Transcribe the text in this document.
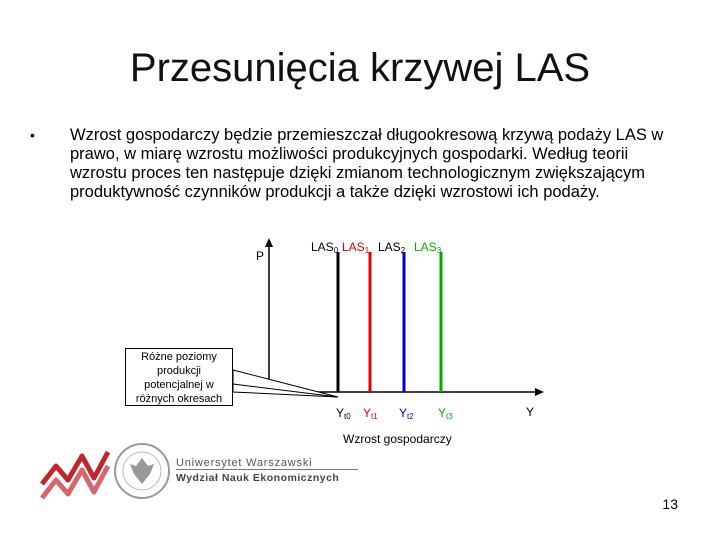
Przesunięcia krzywej LAS
• Wzrost gospodarczy będzie przemieszczał długookresową krzywą podaży LAS w prawo, w miarę wzrostu możliwości produkcyjnych gospodarki. Według teorii wzrostu proces ten następuje dzięki zmianom technologicznym zwiększającym produktywność czynników produkcji a także dzięki wzrostowi ich podaży.
Różne poziomy
produkcji
potencjalnej w
różnych okresach
P
Y
Wzrost gospodarczy
$LAS_0$ $LAS_1$ $LAS_2$ $LAS_3$
$Y_{t0}$ $Y_{t1}$ $Y_{t2}$ $Y_{t3}$
Uniwersytet Warszawski
Wydział Nauk Ekonomicznych
13
